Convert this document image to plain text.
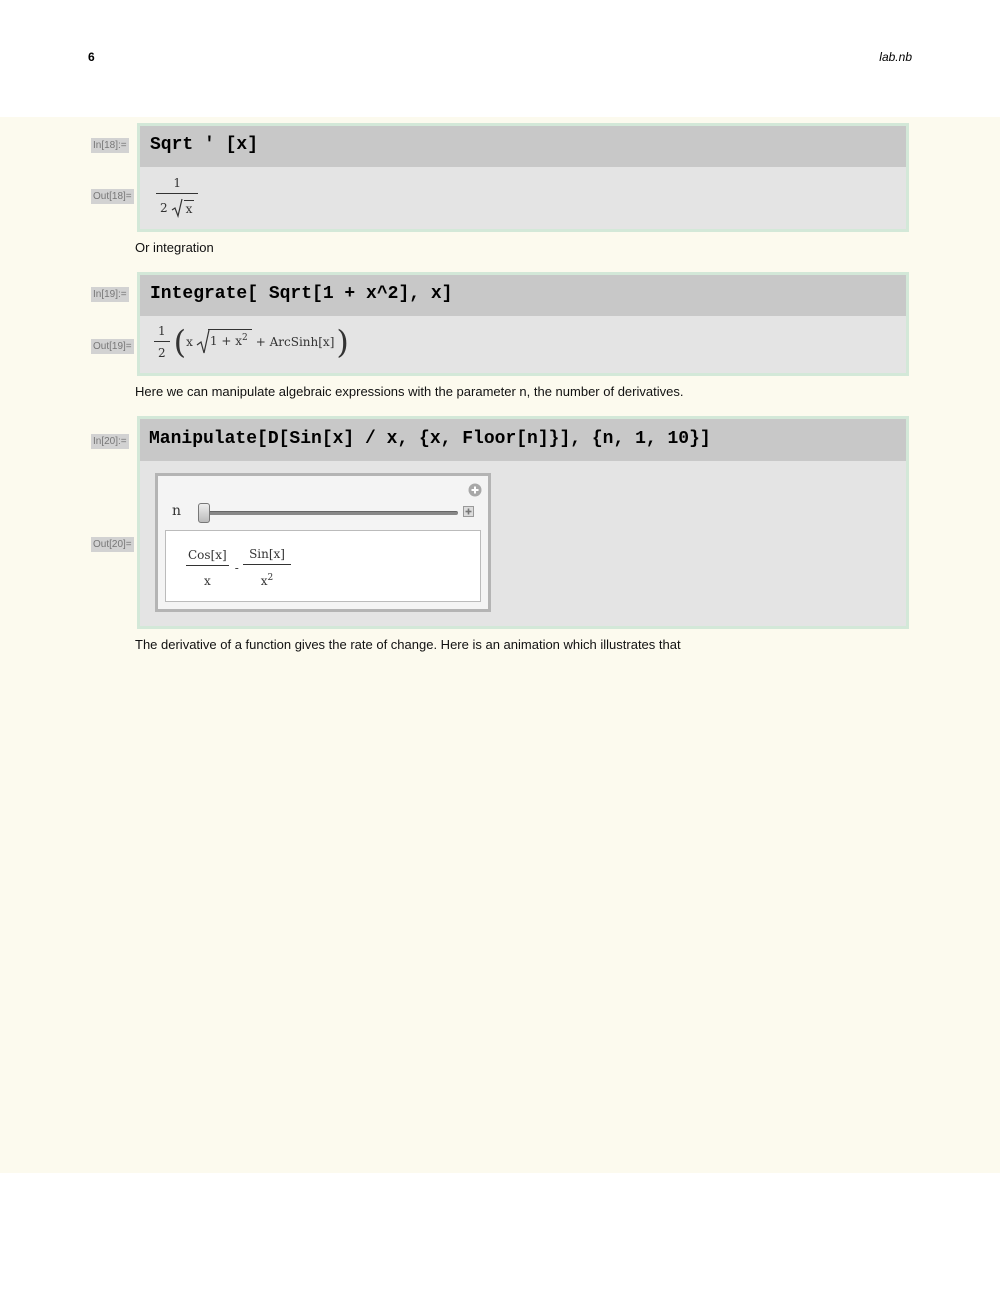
6	lab.nb
In[18]:=
Out[18]=
Sqrt ' [x]
$\frac{1}{2 x}$
Or integration
In[19]:=
Out[19]=
Integrate[ Sqrt[1 + x^2], x]
$\frac{1}{2}$ ( x $1 + x^2$ + ArcSinh[x] )
Here we can manipulate algebraic expressions with the parameter n, the number of derivatives.
In[20]:=
Out[20]=
Manipulate[D[Sin[x] / x, {x, Floor[n]}], {n, 1, 10}]
n
$\frac{\text{Cos[x]}}{x} - \frac{\text{Sin[x]}}{x^2}$
The derivative of a function gives the rate of change. Here is an animation which illustrates that
